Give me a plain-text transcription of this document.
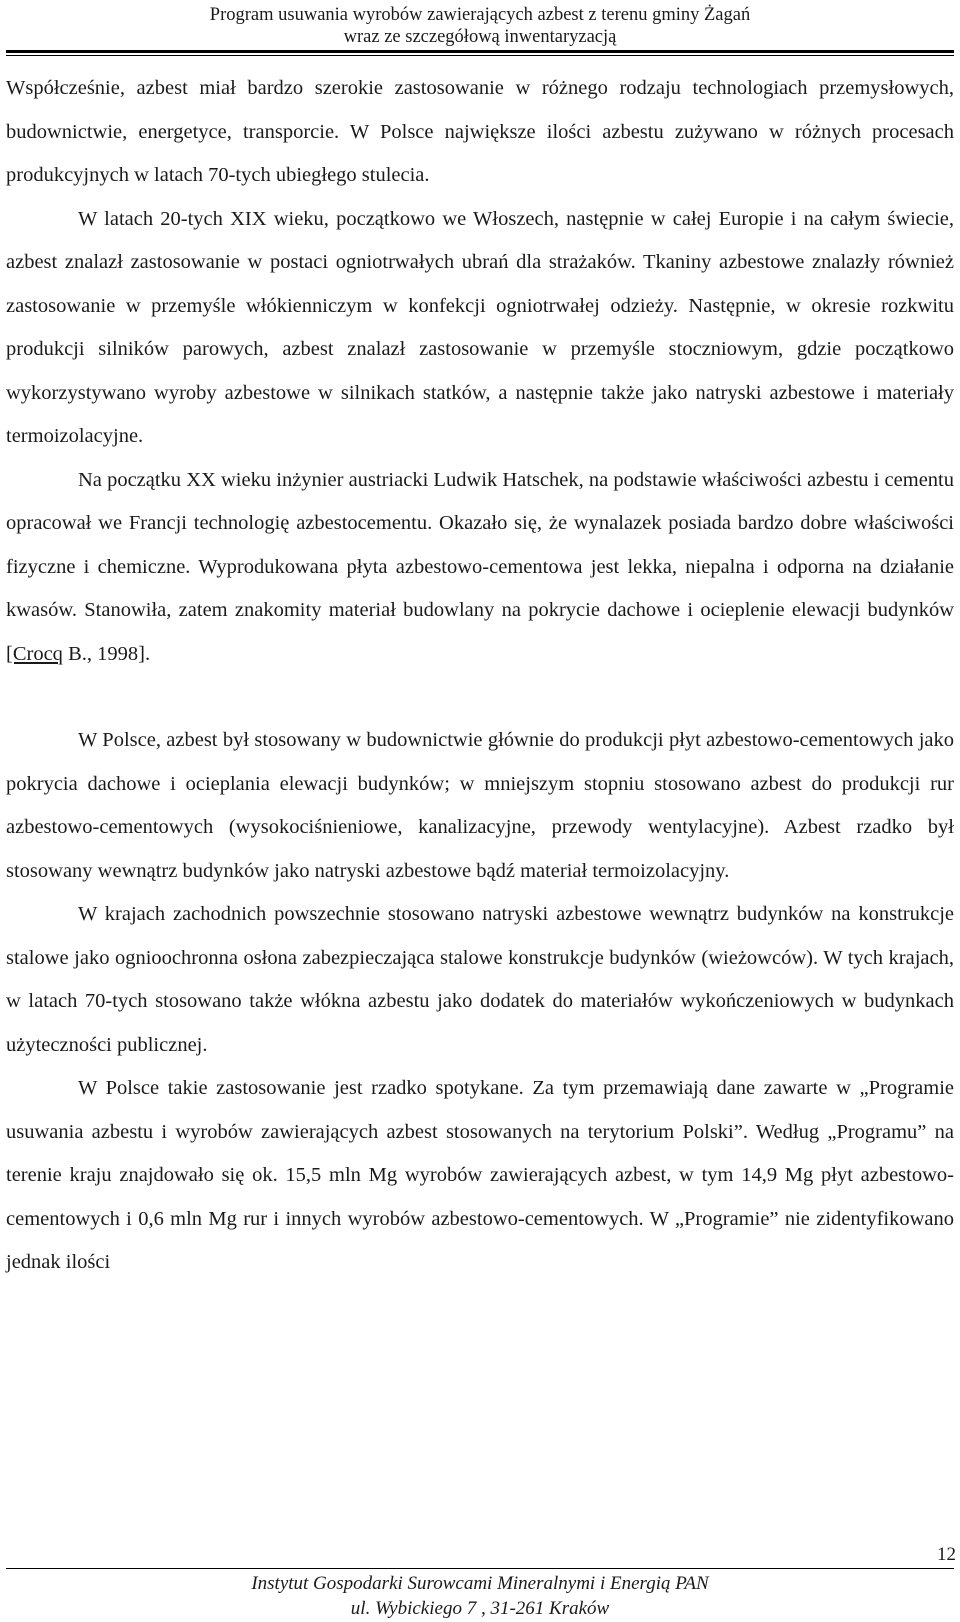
Program usuwania wyrobów zawierających azbest z terenu gminy Żagań
wraz ze szczegółową inwentaryzacją

Współcześnie, azbest miał bardzo szerokie zastosowanie w różnego rodzaju technologiach przemysłowych, budownictwie, energetyce, transporcie. W Polsce największe ilości azbestu zużywano w różnych procesach produkcyjnych w latach 70-tych ubiegłego stulecia.

W latach 20-tych XIX wieku, początkowo we Włoszech, następnie w całej Europie i na całym świecie, azbest znalazł zastosowanie w postaci ogniotrwałych ubrań dla strażaków. Tkaniny azbestowe znalazły również zastosowanie w przemyśle włókienniczym w konfekcji ogniotrwałej odzieży. Następnie, w okresie rozkwitu produkcji silników parowych, azbest znalazł zastosowanie w przemyśle stoczniowym, gdzie początkowo wykorzystywano wyroby azbestowe w silnikach statków, a następnie także jako natryski azbestowe i materiały termoizolacyjne.

Na początku XX wieku inżynier austriacki Ludwik Hatschek, na podstawie właściwości azbestu i cementu opracował we Francji technologię azbestocementu. Okazało się, że wynalazek posiada bardzo dobre właściwości fizyczne i chemiczne. Wyprodukowana płyta azbestowo-cementowa jest lekka, niepalna i odporna na działanie kwasów. Stanowiła, zatem znakomity materiał budowlany na pokrycie dachowe i ocieplenie elewacji budynków [Crocq B., 1998].

W Polsce, azbest był stosowany w budownictwie głównie do produkcji płyt azbestowo-cementowych jako pokrycia dachowe i ocieplania elewacji budynków; w mniejszym stopniu stosowano azbest do produkcji rur azbestowo-cementowych (wysokociśnieniowe, kanalizacyjne, przewody wentylacyjne). Azbest rzadko był stosowany wewnątrz budynków jako natryski azbestowe bądź materiał termoizolacyjny.

W krajach zachodnich powszechnie stosowano natryski azbestowe wewnątrz budynków na konstrukcje stalowe jako ognioochronna osłona zabezpieczająca stalowe konstrukcje budynków (wieżowców). W tych krajach, w latach 70-tych stosowano także włókna azbestu jako dodatek do materiałów wykończeniowych w budynkach użyteczności publicznej.

W Polsce takie zastosowanie jest rzadko spotykane. Za tym przemawiają dane zawarte w „Programie usuwania azbestu i wyrobów zawierających azbest stosowanych na terytorium Polski”. Według „Programu” na terenie kraju znajdowało się ok. 15,5 mln Mg wyrobów zawierających azbest, w tym 14,9 Mg płyt azbestowo-cementowych i 0,6 mln Mg rur i innych wyrobów azbestowo-cementowych. W „Programie” nie zidentyfikowano jednak ilości

12
Instytut Gospodarki Surowcami Mineralnymi i Energią PAN
ul. Wybickiego 7 , 31-261 Kraków
